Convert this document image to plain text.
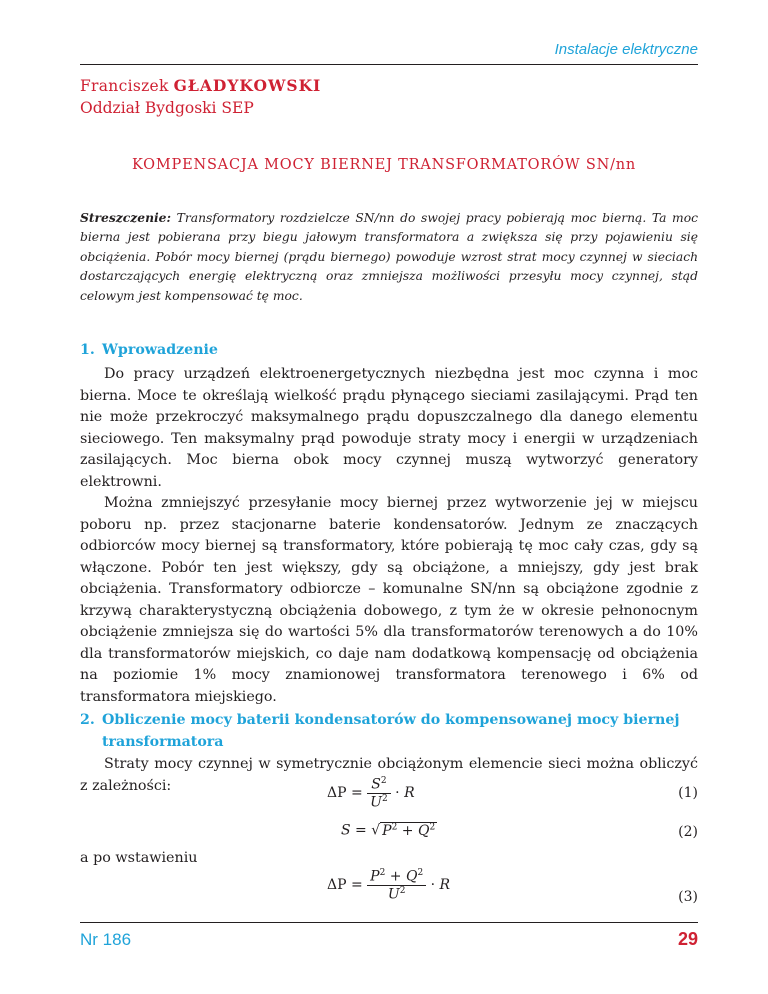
Instalacje elektryczne
Franciszek GŁADYKOWSKI
Oddział Bydgoski SEP
KOMPENSACJA MOCY BIERNEJ TRANSFORMATORÓW SN/nn
Streszczenie: Transformatory rozdzielcze SN/nn do swojej pracy pobierają moc bierną. Ta moc bierna jest pobierana przy biegu jałowym transformatora a zwiększa się przy pojawieniu się obciążenia. Pobór mocy biernej (prądu biernego) powoduje wzrost strat mocy czynnej w sieciach dostarczających energię elektryczną oraz zmniejsza możliwości przesyłu mocy czynnej, stąd celowym jest kompensować tę moc.
1. Wprowadzenie

Do pracy urządzeń elektroenergetycznych niezbędna jest moc czynna i moc bierna. Moce te określają wielkość prądu płynącego sieciami zasilającymi. Prąd ten nie może przekroczyć maksymalnego prądu dopuszczalnego dla danego elementu sieciowego. Ten maksymalny prąd powoduje straty mocy i energii w urządzeniach zasilających. Moc bierna obok mocy czynnej muszą wytworzyć generatory elektrowni.

Można zmniejszyć przesyłanie mocy biernej przez wytworzenie jej w miejscu poboru np. przez stacjonarne baterie kondensatorów. Jednym ze znaczących odbiorców mocy biernej są transformatory, które pobierają tę moc cały czas, gdy są włączone. Pobór ten jest większy, gdy są obciążone, a mniejszy, gdy jest brak obciążenia. Transformatory odbiorcze – komunalne SN/nn są obciążone zgodnie z krzywą charakterystyczną obciążenia dobowego, z tym że w okresie pełnonocnym obciążenie zmniejsza się do wartości 5% dla transformatorów terenowych a do 10% dla transformatorów miejskich, co daje nam dodatkową kompensację od obciążenia na poziomie 1% mocy znamionowej transformatora terenowego i 6% od transformatora miejskiego.

2. Obliczenie mocy baterii kondensatorów do kompensowanej mocy biernej
transformatora

Straty mocy czynnej w symetrycznie obciążonym elemencie sieci można obliczyć z zależności:	$\Delta P = \frac{S^2}{U^2} \cdot R$	(1)
S = √ $P^2 + Q^2$	(2)

a po wstawieniu

$\Delta P = \frac{P^2 + Q^2}{U^2} \cdot R$
(3)
Nr 186	29
